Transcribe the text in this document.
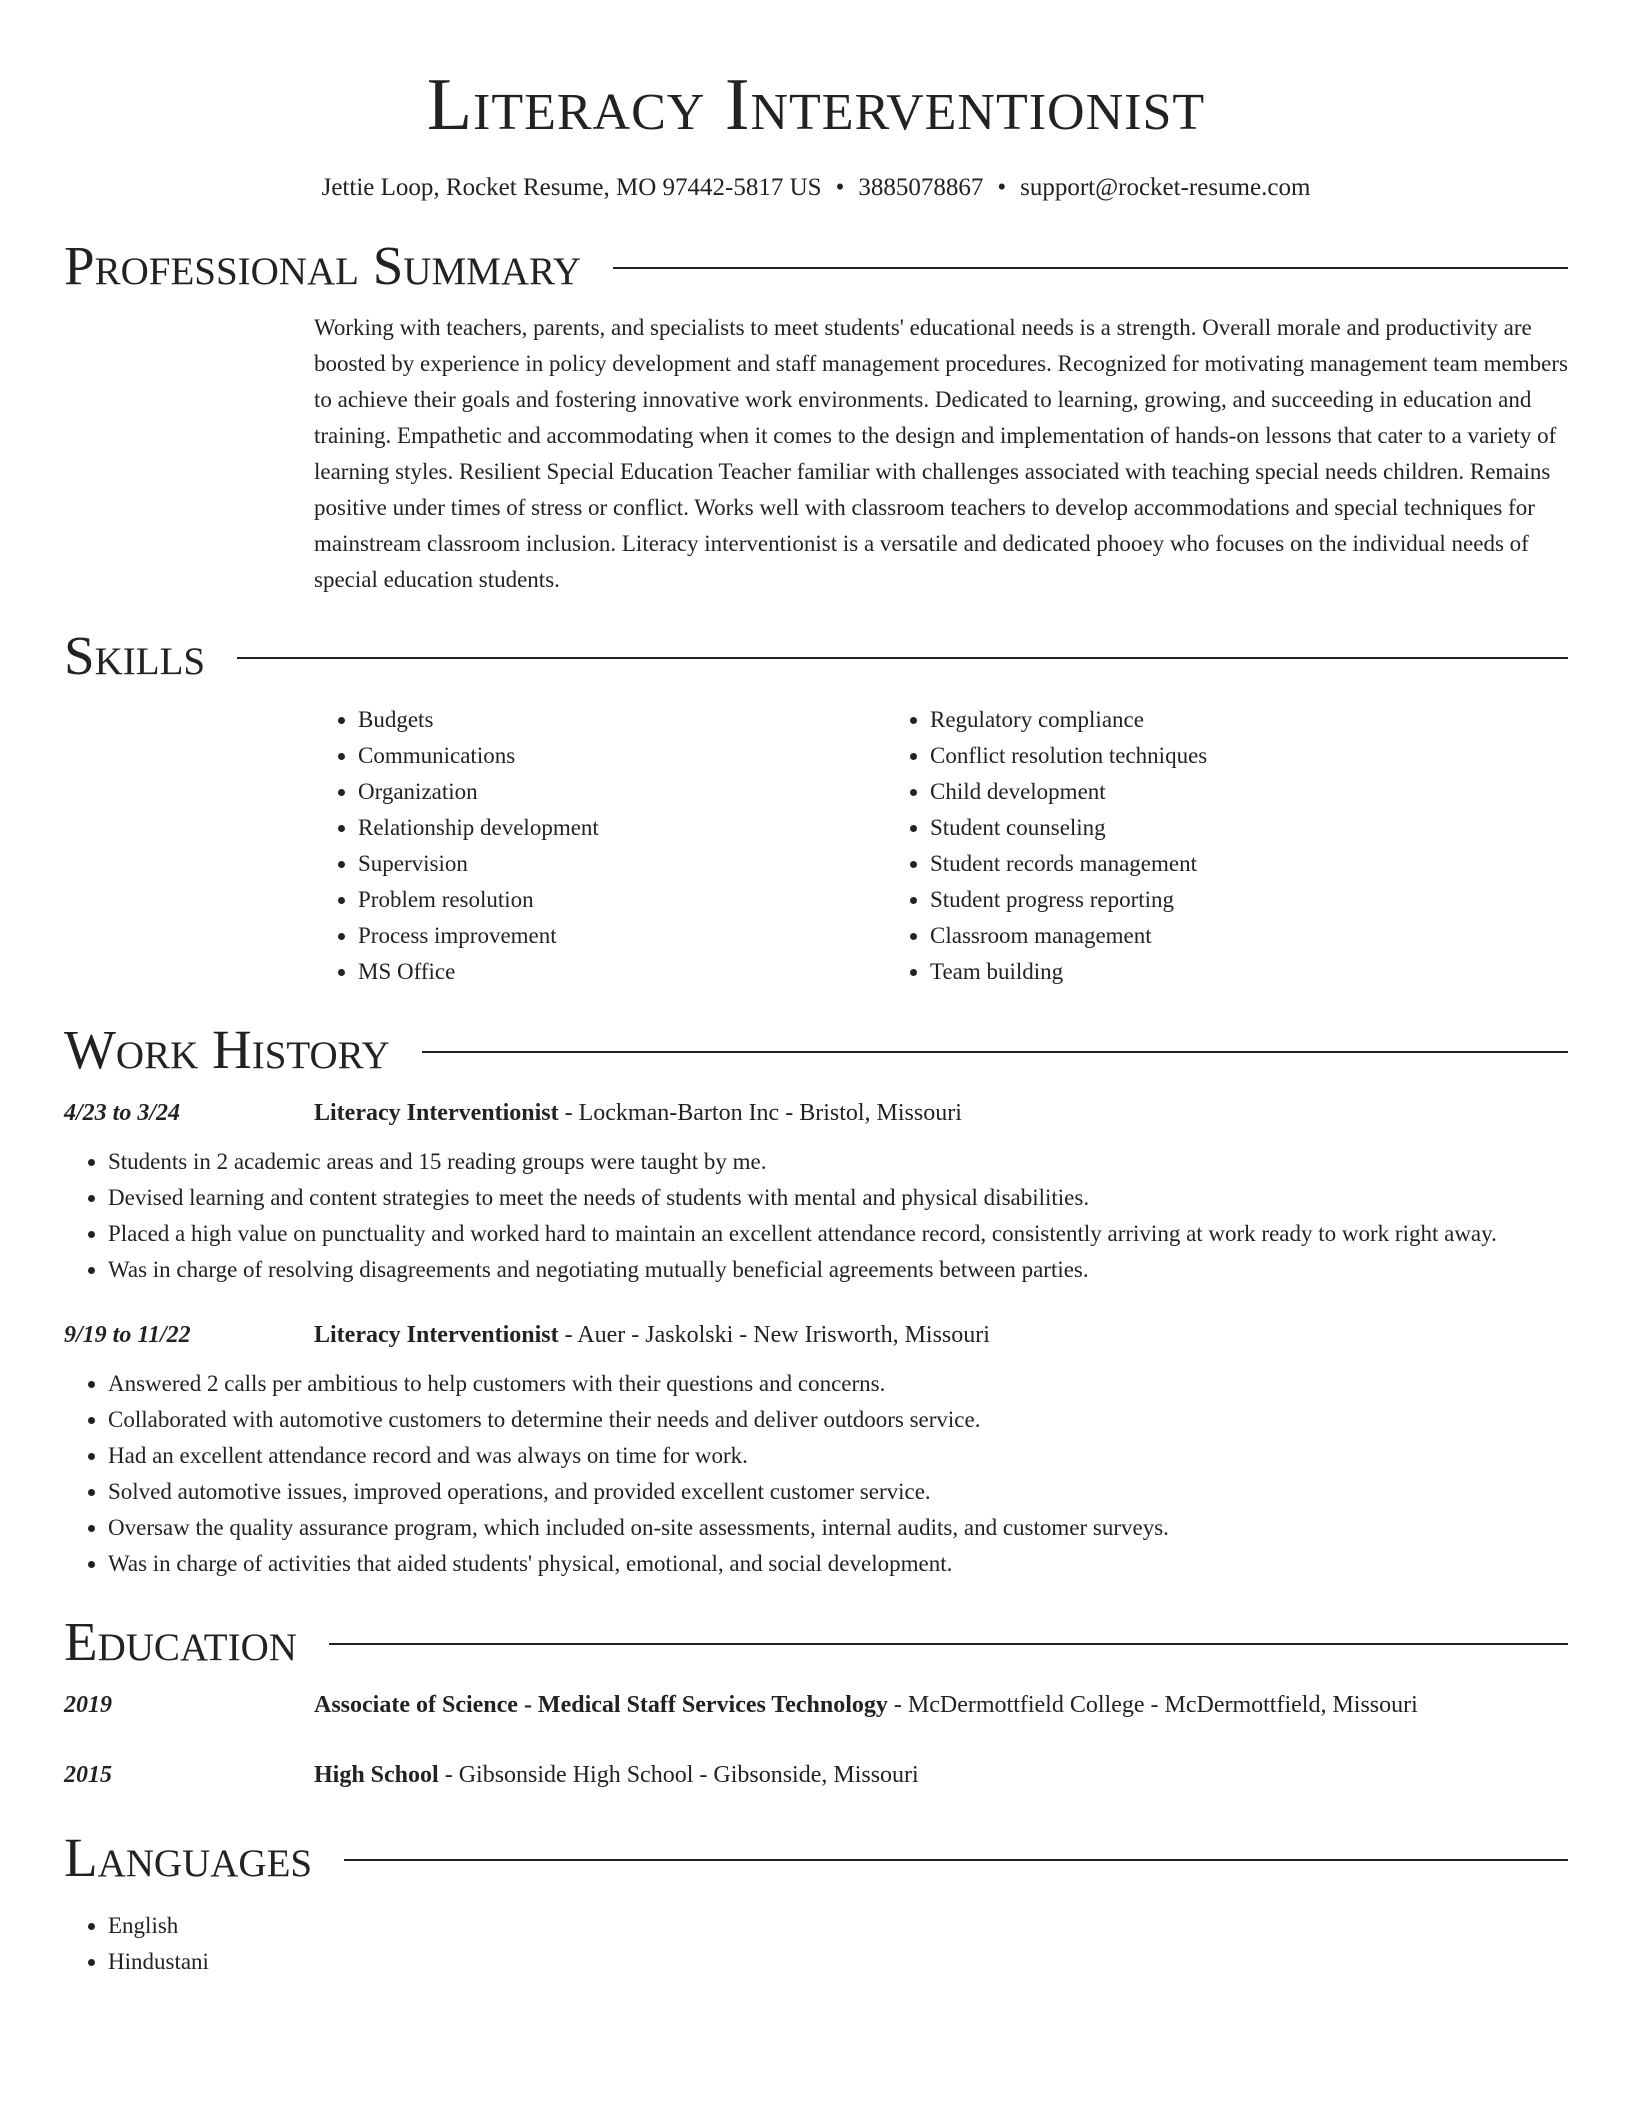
Literacy Interventionist
Jettie Loop, Rocket Resume, MO 97442-5817 US • 3885078867 • support@rocket-resume.com
Professional Summary
Working with teachers, parents, and specialists to meet students' educational needs is a strength. Overall morale and productivity are boosted by experience in policy development and staff management procedures. Recognized for motivating management team members to achieve their goals and fostering innovative work environments. Dedicated to learning, growing, and succeeding in education and training. Empathetic and accommodating when it comes to the design and implementation of hands-on lessons that cater to a variety of learning styles. Resilient Special Education Teacher familiar with challenges associated with teaching special needs children. Remains positive under times of stress or conflict. Works well with classroom teachers to develop accommodations and special techniques for mainstream classroom inclusion. Literacy interventionist is a versatile and dedicated phooey who focuses on the individual needs of special education students.
Skills
• Budgets
• Communications
• Organization
• Relationship development
• Supervision
• Problem resolution
• Process improvement
• MS Office
• Regulatory compliance
• Conflict resolution techniques
• Child development
• Student counseling
• Student records management
• Student progress reporting
• Classroom management
• Team building
Work History
4/23 to 3/24	Literacy Interventionist - Lockman-Barton Inc - Bristol, Missouri
• Students in 2 academic areas and 15 reading groups were taught by me.
• Devised learning and content strategies to meet the needs of students with mental and physical disabilities.
• Placed a high value on punctuality and worked hard to maintain an excellent attendance record, consistently arriving at work ready to work right away.
• Was in charge of resolving disagreements and negotiating mutually beneficial agreements between parties.
9/19 to 11/22	Literacy Interventionist - Auer - Jaskolski - New Irisworth, Missouri
• Answered 2 calls per ambitious to help customers with their questions and concerns.
• Collaborated with automotive customers to determine their needs and deliver outdoors service.
• Had an excellent attendance record and was always on time for work.
• Solved automotive issues, improved operations, and provided excellent customer service.
• Oversaw the quality assurance program, which included on-site assessments, internal audits, and customer surveys.
• Was in charge of activities that aided students' physical, emotional, and social development.
Education
2019	Associate of Science - Medical Staff Services Technology - McDermottfield College - McDermottfield, Missouri
2015	High School - Gibsonside High School - Gibsonside, Missouri
Languages
• English
• Hindustani
